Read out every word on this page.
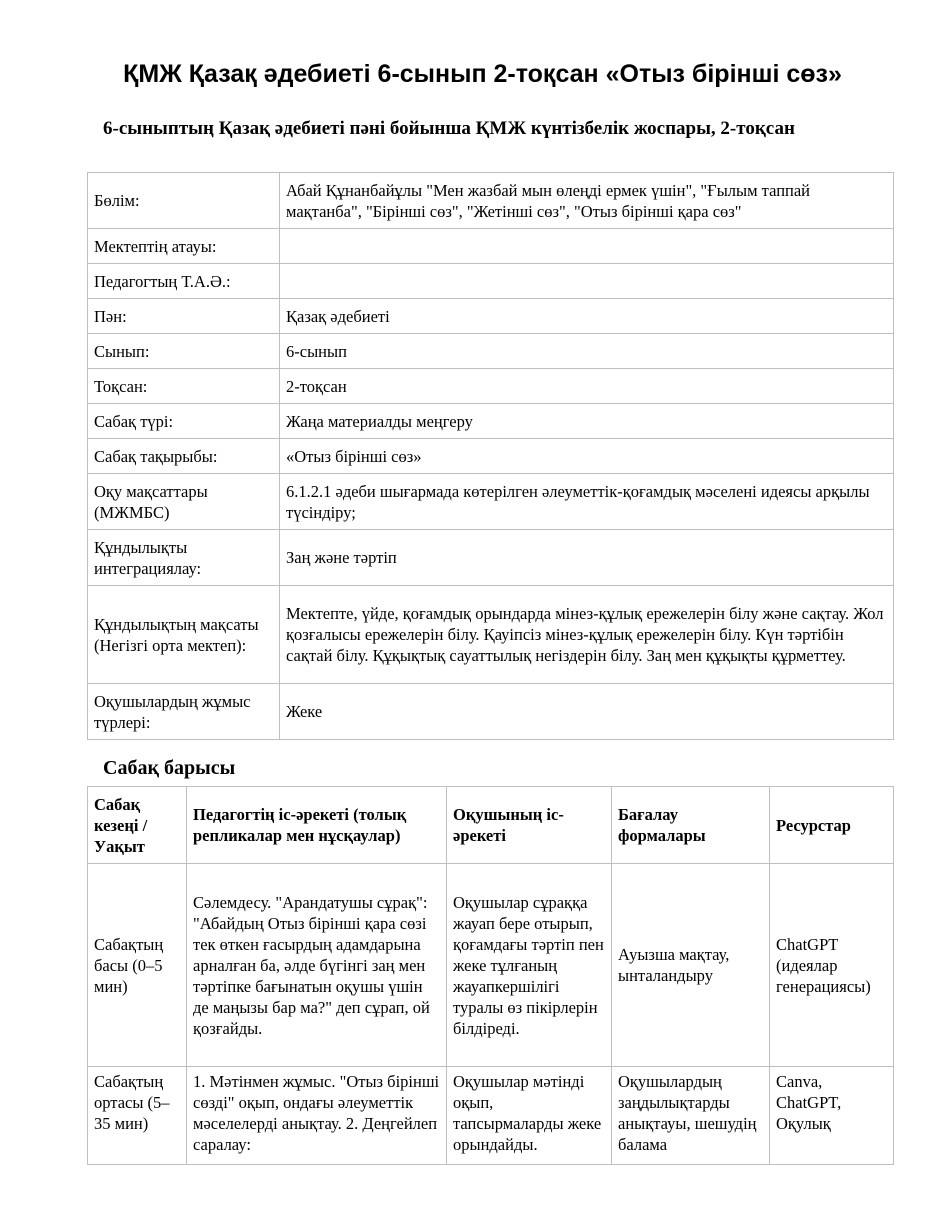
ҚМЖ Қазақ әдебиеті 6-сынып 2-тоқсан «Отыз бірінші сөз»
6-сыныптың Қазақ әдебиеті пәні бойынша ҚМЖ күнтізбелік жоспары, 2-тоқсан
Бөлім:	Абай Құнанбайұлы "Мен жазбай мын өлеңді ермек үшін", "Ғылым таппай мақтанба", "Бірінші сөз", "Жетінші сөз", "Отыз бірінші қара сөз"
Мектептің атауы:	
Педагогтың Т.А.Ә.:	
Пән:	Қазақ әдебиеті
Сынып:	6-сынып
Тоқсан:	2-тоқсан
Сабақ түрі:	Жаңа материалды меңгеру
Сабақ тақырыбы:	«Отыз бірінші сөз»
Оқу мақсаттары (МЖМБС)	6.1.2.1 әдеби шығармада көтерілген әлеуметтік-қоғамдық мәселені идеясы арқылы түсіндіру;
Құндылықты интеграциялау:	Заң және тәртіп
Құндылықтың мақсаты (Негізгі орта мектеп):	Мектепте, үйде, қоғамдық орындарда мінез-құлық ережелерін білу және сақтау. Жол қозғалысы ережелерін білу. Қауіпсіз мінез-құлық ережелерін білу. Күн тәртібін сақтай білу. Құқықтық сауаттылық негіздерін білу. Заң мен құқықты құрметтеу.
Оқушылардың жұмыс түрлері:	Жеке
Сабақ барысы
Сабақ кезеңі / Уақыт	Педагогтің іс-әрекеті (толық репликалар мен нұсқаулар)	Оқушының іс-әрекеті	Бағалау формалары	Ресурстар
Сабақтың басы (0–5 мин)	Сәлемдесу. "Арандатушы сұрақ": "Абайдың Отыз бірінші қара сөзі тек өткен ғасырдың адамдарына арналған ба, әлде бүгінгі заң мен тәртіпке бағынатын оқушы үшін де маңызы бар ма?" деп сұрап, ой қозғайды.	Оқушылар сұраққа жауап бере отырып, қоғамдағы тәртіп пен жеке тұлғаның жауапкершілігі туралы өз пікірлерін білдіреді.	Ауызша мақтау, ынталандыру	ChatGPT (идеялар генерациясы)
Сабақтың ортасы (5–35 мин)	1. Мәтінмен жұмыс. "Отыз бірінші сөзді" оқып, ондағы әлеуметтік мәселелерді анықтау. 2. Деңгейлеп саралау:	Оқушылар мәтінді оқып, тапсырмаларды жеке орындайды.	Оқушылардың заңдылықтарды анықтауы, шешудің балама	Canva, ChatGPT, Оқулық
